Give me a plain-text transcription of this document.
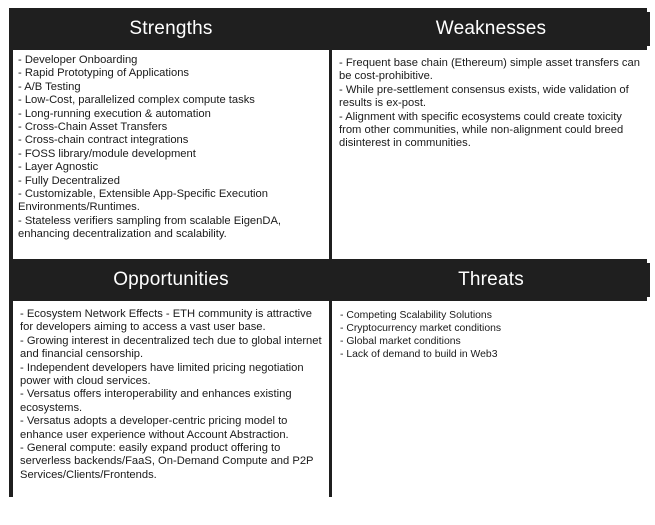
Strengths	Weaknesses
- Developer Onboarding
- Rapid Prototyping of Applications
- A/B Testing
- Low-Cost, parallelized complex compute tasks
- Long-running execution & automation
- Cross-Chain Asset Transfers
- Cross-chain contract integrations
- FOSS library/module development
- Layer Agnostic
- Fully Decentralized
- Customizable, Extensible App-Specific Execution Environments/Runtimes.
- Stateless verifiers sampling from scalable EigenDA, enhancing decentralization and scalability.
- Frequent base chain (Ethereum) simple asset transfers can be cost-prohibitive.
- While pre-settlement consensus exists, wide validation of results is ex-post.
- Alignment with specific ecosystems could create toxicity from other communities, while non-alignment could breed disinterest in communities.
Opportunities	Threats
- Ecosystem Network Effects - ETH community is attractive for developers aiming to access a vast user base.
- Growing interest in decentralized tech due to global internet and financial censorship.
- Independent developers have limited pricing negotiation power with cloud services.
- Versatus offers interoperability and enhances existing ecosystems.
- Versatus adopts a developer-centric pricing model to enhance user experience without Account Abstraction.
- General compute: easily expand product offering to serverless backends/FaaS, On-Demand Compute and P2P Services/Clients/Frontends.
- Competing Scalability Solutions
- Cryptocurrency market conditions
- Global market conditions
- Lack of demand to build in Web3
